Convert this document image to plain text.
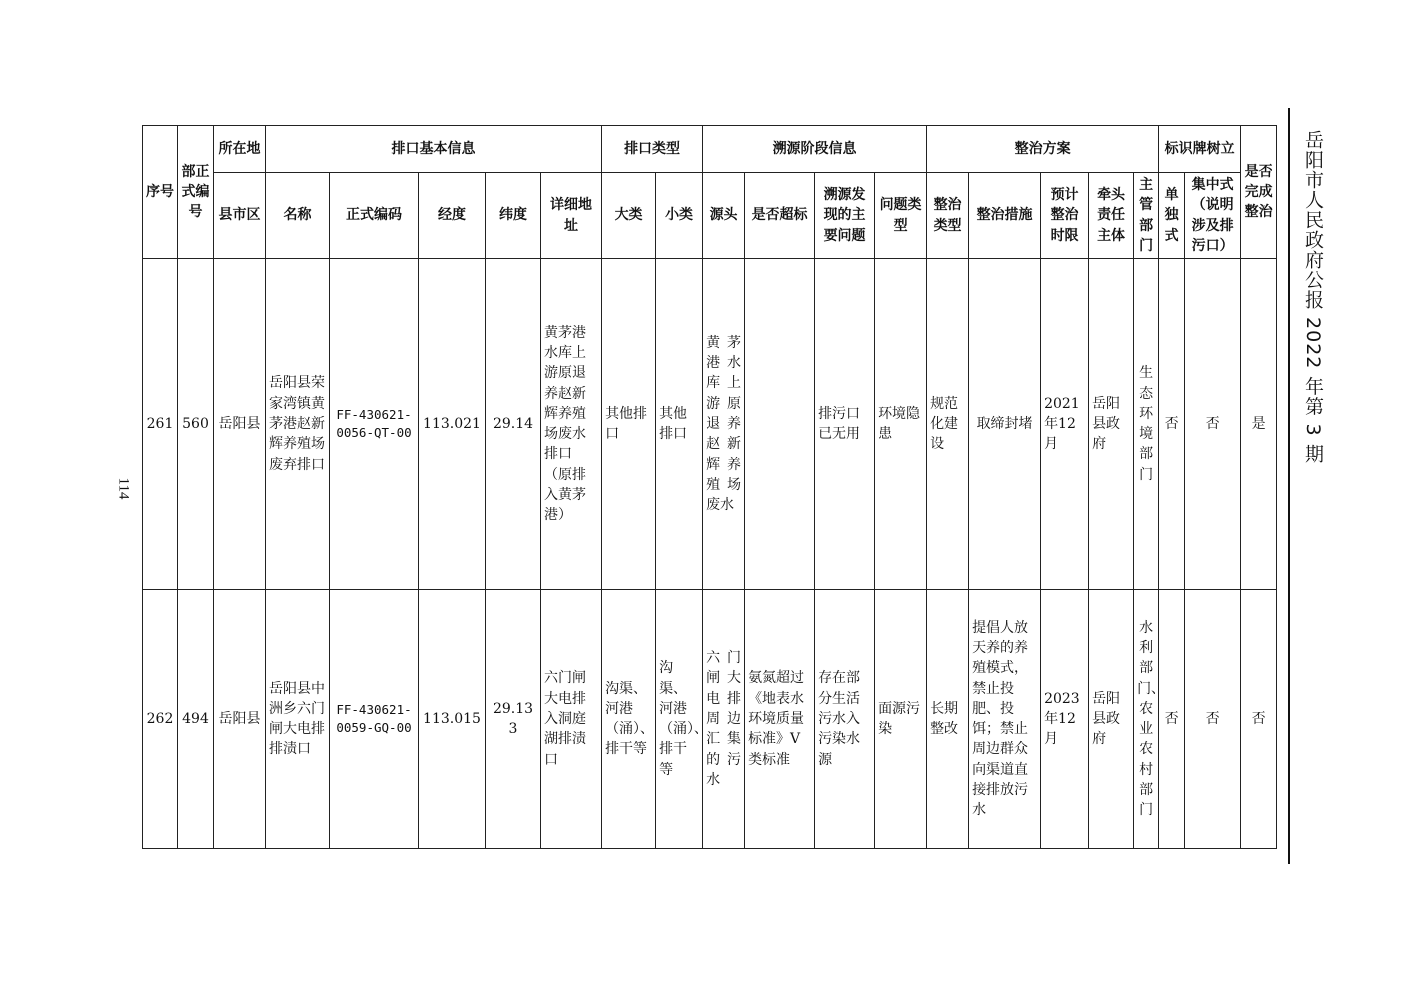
114
岳阳市人民政府公报 2022 年第 3 期
序号	部正式编号	所在地	排口基本信息					排口类型		溯源阶段信息				整治方案					标识牌树立		是否完成整治
		县市区	名称	正式编码	经度	纬度	详细地址	大类	小类	源头	是否超标	溯源发现的主要问题	问题类型	整治类型	整治措施	预计整治时限	牵头责任主体	主管部门	单独式	集中式（说明涉及排污口）	
261	560	岳阳县	岳阳县荣家湾镇黄茅港赵新辉养殖场废弃排口	FF-430621-0056-QT-00	113.021	29.14	黄茅港水库上游原退养赵新辉养殖场废水排口（原排入黄茅港）	其他排口	其他排口	黄茅港水库上游原退养赵新辉养殖场废水		排污口已无用	环境隐患	规范化建设	取缔封堵	2021年12月	岳阳县政府	生态环境部门	否	否	是
262	494	岳阳县	岳阳县中洲乡六门闸大电排排渍口	FF-430621-0059-GQ-00	113.015	29.133	六门闸大电排入洞庭湖排渍口	沟渠、河港（涌）、排干等	沟渠、河港（涌）、排干等	六门闸大电排周边汇集的污水	氨氮超过《地表水环境质量标准》V类标准	存在部分生活污水入污染水源	面源污染	长期整改	提倡人放天养的养殖模式，禁止投肥、投饵；禁止周边群众向渠道直接排放污水	2023年12月	岳阳县政府	水利部门、农业农村部门	否	否	否
